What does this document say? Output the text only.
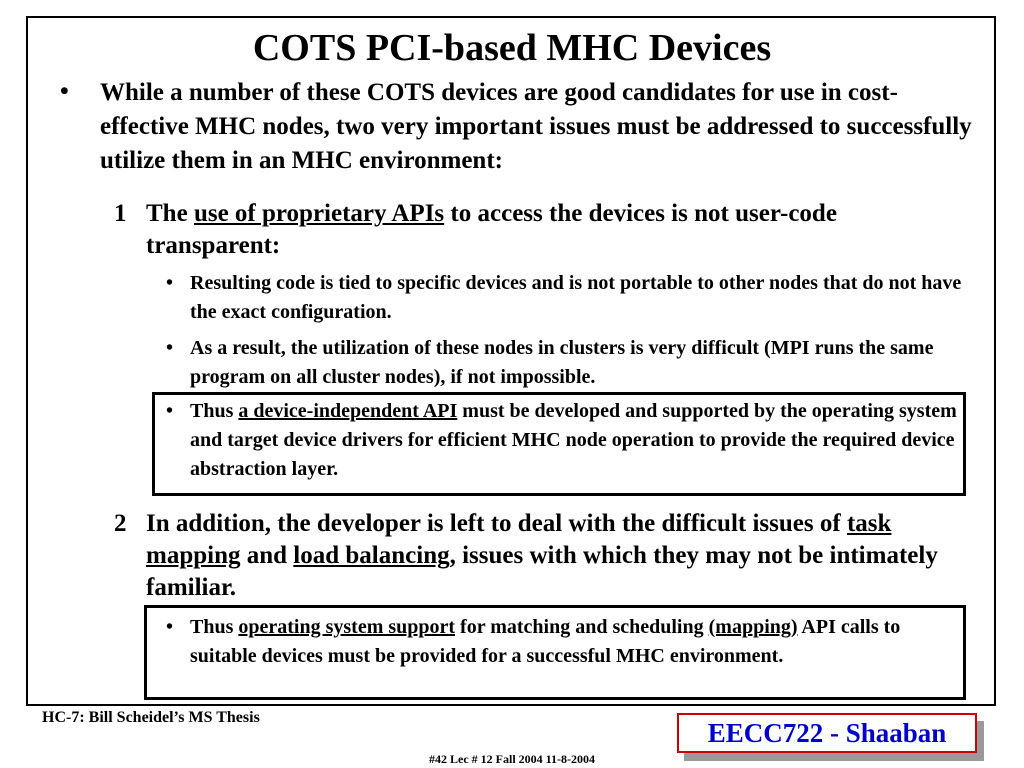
COTS PCI-based MHC Devices
• While a number of these COTS devices are good candidates for use in cost-effective MHC nodes, two very important issues must be addressed to successfully utilize them in an MHC environment:
1 The use of proprietary APIs to access the devices is not user-code transparent:
• Resulting code is tied to specific devices and is not portable to other nodes that do not have the exact configuration.
• As a result, the utilization of these nodes in clusters is very difficult (MPI runs the same program on all cluster nodes), if not impossible.
• Thus a device-independent API must be developed and supported by the operating system and target device drivers for efficient MHC node operation to provide the required device abstraction layer.
2 In addition, the developer is left to deal with the difficult issues of task mapping and load balancing, issues with which they may not be intimately familiar.
• Thus operating system support for matching and scheduling (mapping) API calls to suitable devices must be provided for a successful MHC environment.
HC-7: Bill Scheidel’s MS Thesis
EECC722 - Shaaban
#42 Lec # 12 Fall 2004 11-8-2004
